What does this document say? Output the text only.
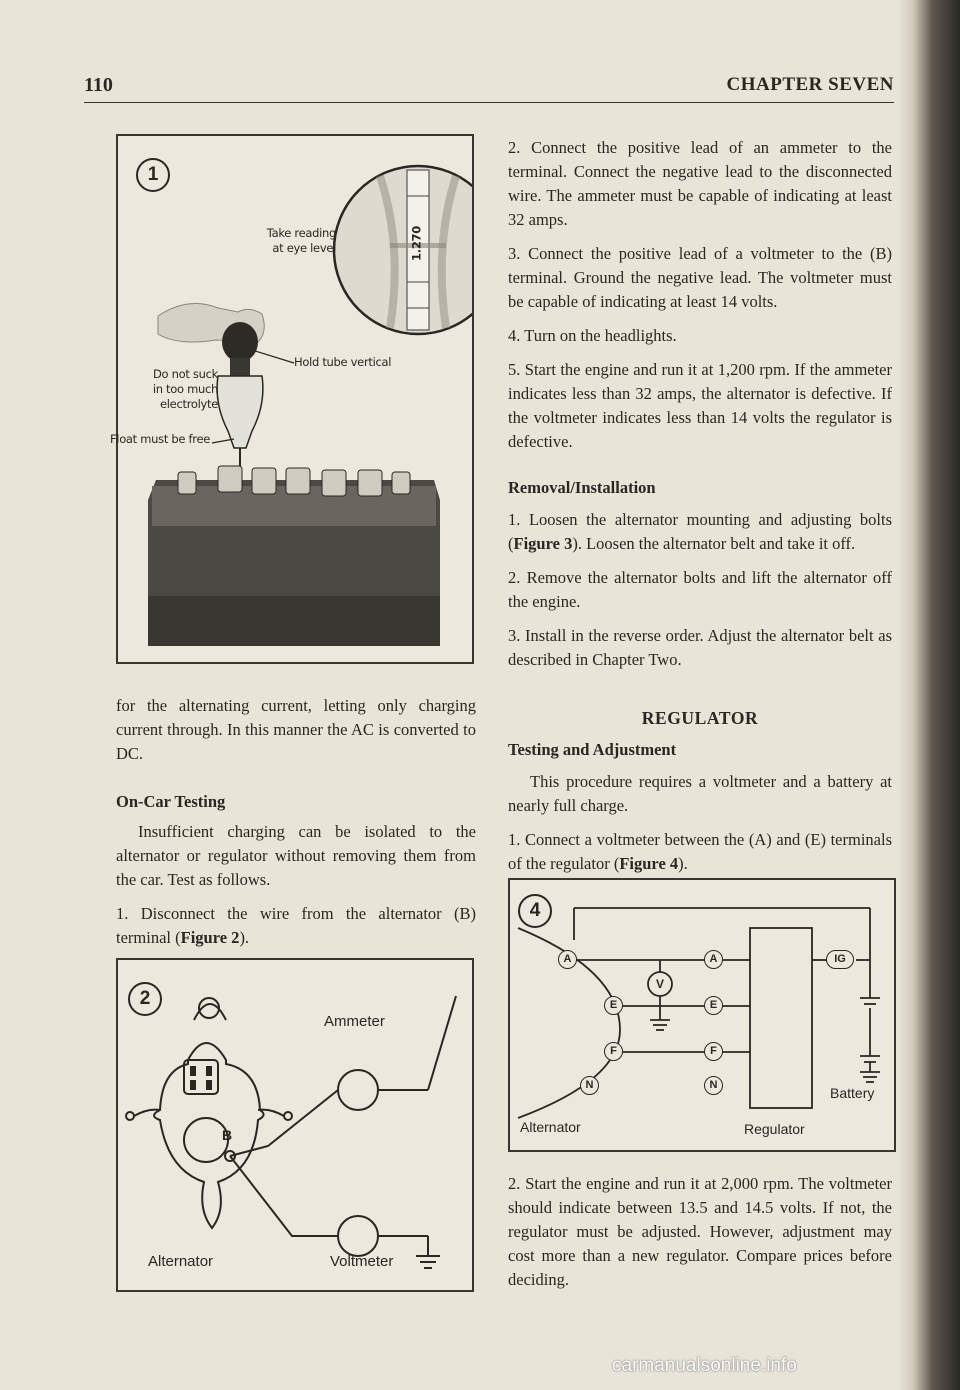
110	CHAPTER SEVEN
1
Take reading
at eye level	1.270
Do not suck
in too much
electrolyte
Hold tube vertical
Float must be free

for the alternating current, letting only charging current through. In this manner the AC is converted to DC.

On-Car Testing

Insufficient charging can be isolated to the alternator or regulator without removing them from the car. Test as follows.

1. Disconnect the wire from the alternator (B) terminal (Figure 2).

2
Ammeter
B
Alternator	Voltmeter

2. Connect the positive lead of an ammeter to the terminal. Connect the negative lead to the disconnected wire. The ammeter must be capable of indicating at least 32 amps.

3. Connect the positive lead of a voltmeter to the (B) terminal. Ground the negative lead. The voltmeter must be capable of indicating at least 14 volts.

4. Turn on the headlights.

5. Start the engine and run it at 1,200 rpm. If the ammeter indicates less than 32 amps, the alternator is defective. If the voltmeter indicates less than 14 volts the regulator is defective.

Removal/Installation

1. Loosen the alternator mounting and adjusting bolts (Figure 3). Loosen the alternator belt and take it off.

2. Remove the alternator bolts and lift the alternator off the engine.

3. Install in the reverse order. Adjust the alternator belt as described in Chapter Two.

REGULATOR
Testing and Adjustment

This procedure requires a voltmeter and a battery at nearly full charge.

1. Connect a voltmeter between the (A) and (E) terminals of the regulator (Figure 4).

4
A
E
F
N
A
E
F
N
IG
V
Alternator	Regulator
Battery

2. Start the engine and run it at 2,000 rpm. The voltmeter should indicate between 13.5 and 14.5 volts. If not, the regulator must be adjusted. However, adjustment may cost more than a new regulator. Compare prices before deciding.

carmanualsonline.info
